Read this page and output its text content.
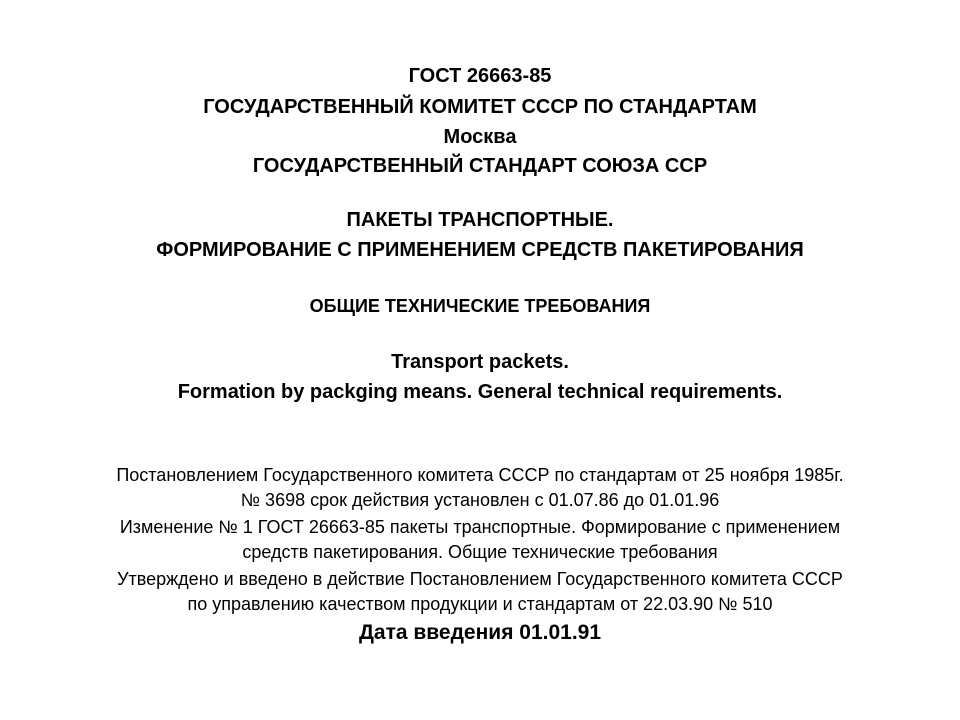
ГОСТ 26663-85
ГОСУДАРСТВЕННЫЙ КОМИТЕТ СССР ПО СТАНДАРТАМ
Москва
ГОСУДАРСТВЕННЫЙ СТАНДАРТ СОЮЗА ССР
ПАКЕТЫ ТРАНСПОРТНЫЕ.
ФОРМИРОВАНИЕ С ПРИМЕНЕНИЕМ СРЕДСТВ ПАКЕТИРОВАНИЯ
ОБЩИЕ ТЕХНИЧЕСКИЕ ТРЕБОВАНИЯ
Transport packets.
Formation by packging means. General technical requirements.
Постановлением Государственного комитета СССР по стандартам от 25 ноября 1985г.
№ 3698 срок действия установлен с 01.07.86 до 01.01.96
Изменение № 1 ГОСТ 26663-85 пакеты транспортные. Формирование с применением
средств пакетирования. Общие технические требования
Утверждено и введено в действие Постановлением Государственного комитета СССР
по управлению качеством продукции и стандартам от 22.03.90 № 510
Дата введения 01.01.91
